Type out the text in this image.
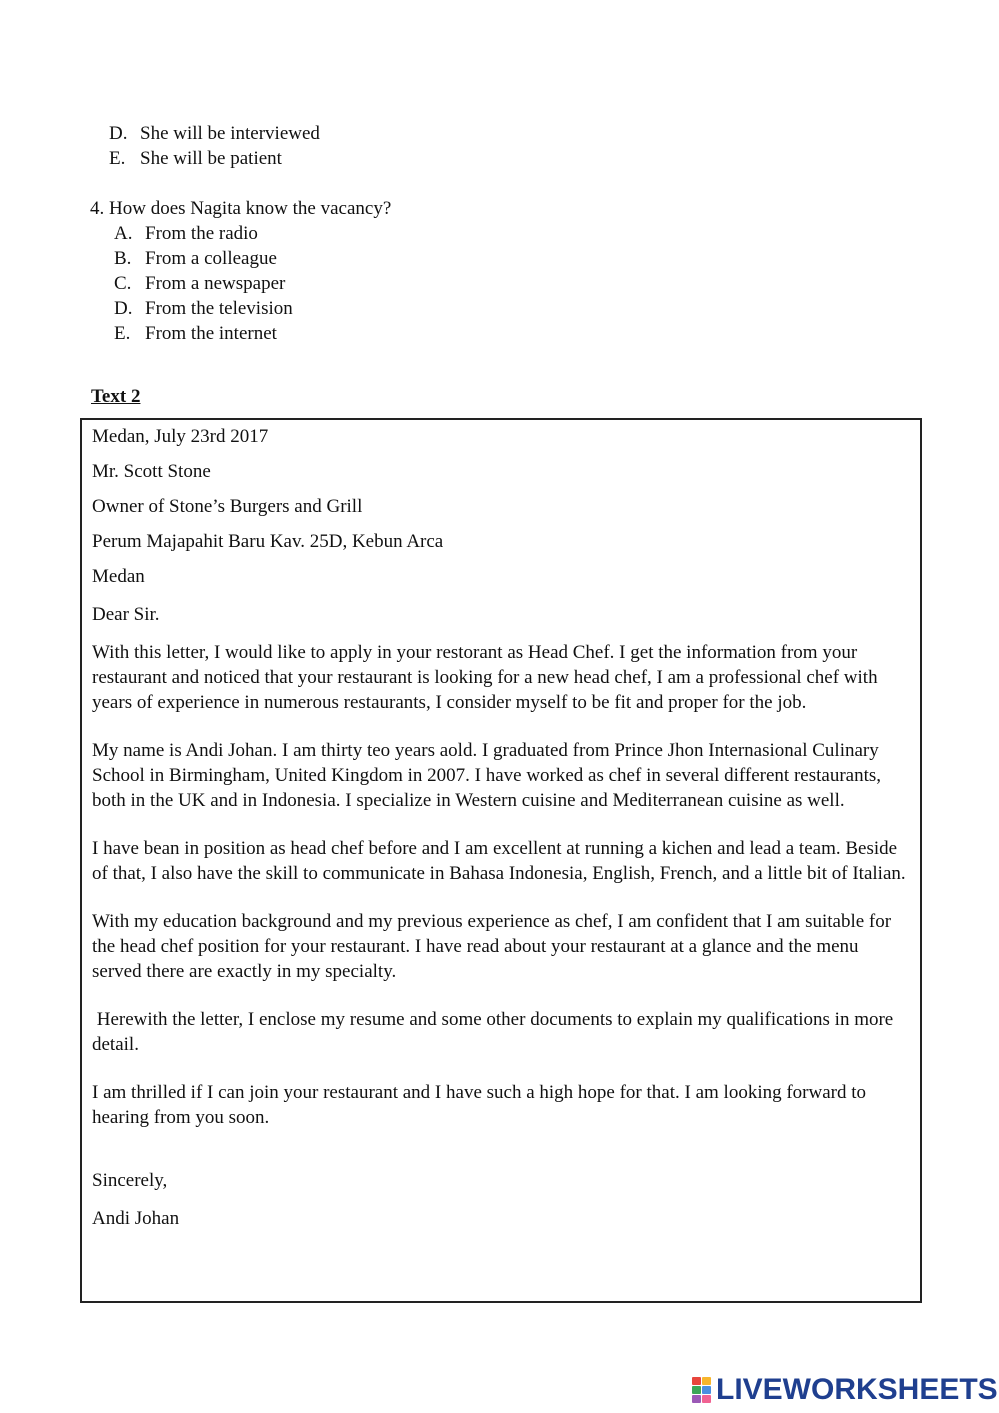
D. She will be interviewed
E. She will be patient
4. How does Nagita know the vacancy?
A. From the radio
B. From a colleague
C. From a newspaper
D. From the television
E. From the internet
Text 2

Medan, July 23rd 2017

Mr. Scott Stone

Owner of Stone’s Burgers and Grill

Perum Majapahit Baru Kav. 25D, Kebun Arca

Medan

Dear Sir.

With this letter, I would like to apply in your restorant as Head Chef. I get the information from your restaurant and noticed that your restaurant is looking for a new head chef, I am a professional chef with years of experience in numerous restaurants, I consider myself to be fit and proper for the job.

My name is Andi Johan. I am thirty teo years aold. I graduated from Prince Jhon Internasional Culinary School in Birmingham, United Kingdom in 2007. I have worked as chef in several different restaurants, both in the UK and in Indonesia. I specialize in Western cuisine and Mediterranean cuisine as well.

I have bean in position as head chef before and I am excellent at running a kichen and lead a team. Beside of that, I also have the skill to communicate in Bahasa Indonesia, English, French, and a little bit of Italian.

With my education background and my previous experience as chef, I am confident that I am suitable for the head chef position for your restaurant. I have read about your restaurant at a glance and the menu served there are exactly in my specialty.

Herewith the letter, I enclose my resume and some other documents to explain my qualifications in more detail.

I am thrilled if I can join your restaurant and I have such a high hope for that. I am looking forward to hearing from you soon.

Sincerely,

Andi Johan

LIVEWORKSHEETS
